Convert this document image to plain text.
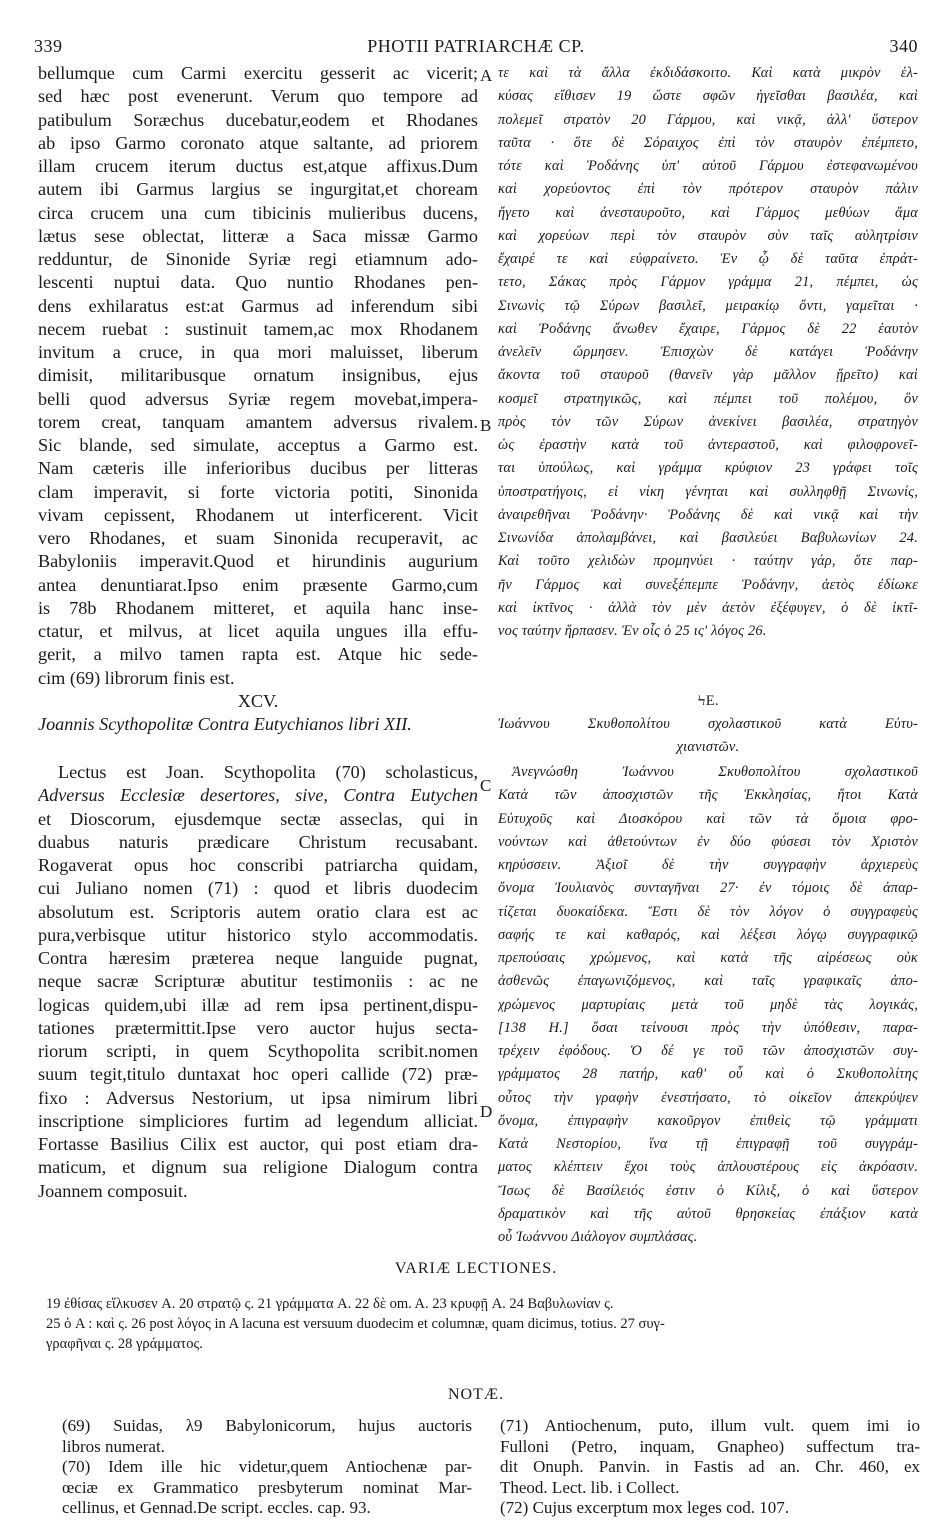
339	PHOTII PATRIARCHÆ CP.	340
A
B
C
D
bellumque cum Carmi exercitu gesserit ac vicerit;
sed hæc post evenerunt. Verum quo tempore ad
patibulum Soræchus ducebatur,eodem et Rhodanes
ab ipso Garmo coronato atque saltante, ad priorem
illam crucem iterum ductus est,atque affixus.Dum
autem ibi Garmus largius se ingurgitat,et choream
circa crucem una cum tibicinis mulieribus ducens,
lætus sese oblectat, litteræ a Saca missæ Garmo
redduntur, de Sinonide Syriæ regi etiamnum ado-
lescenti nuptui data. Quo nuntio Rhodanes pen-
dens exhilaratus est:at Garmus ad inferendum sibi
necem ruebat : sustinuit tamem,ac mox Rhodanem
invitum a cruce, in qua mori maluisset, liberum
dimisit, militaribusque ornatum insignibus, ejus
belli quod adversus Syriæ regem movebat,impera-
torem creat, tanquam amantem adversus rivalem.
Sic blande, sed simulate, acceptus a Garmo est.
Nam cæteris ille inferioribus ducibus per litteras
clam imperavit, si forte victoria potiti, Sinonida
vivam cepissent, Rhodanem ut interficerent. Vicit
vero Rhodanes, et suam Sinonida recuperavit, ac
Babyloniis imperavit.Quod et hirundinis augurium
antea denuntiarat.Ipso enim præsente Garmo,cum
is 78b Rhodanem mitteret, et aquila hanc inse-
ctatur, et milvus, at licet aquila ungues illa effu-
gerit, a milvo tamen rapta est. Atque hic sede-
cim (69) librorum finis est.
XCV.
Joannis Scythopolitæ Contra Eutychianos libri XII.
Lectus est Joan. Scythopolita (70) scholasticus,
Adversus Ecclesiæ desertores, sive, Contra Eutychen
et Dioscorum, ejusdemque sectæ asseclas, qui in
duabus naturis prædicare Christum recusabant.
Rogaverat opus hoc conscribi patriarcha quidam,
cui Juliano nomen (71) : quod et libris duodecim
absolutum est. Scriptoris autem oratio clara est ac
pura,verbisque utitur historico stylo accommodatis.
Contra hæresim præterea neque languide pugnat,
neque sacræ Scripturæ abutitur testimoniis : ac ne
logicas quidem,ubi illæ ad rem ipsa pertinent,dispu-
tationes prætermittit.Ipse vero auctor hujus secta-
riorum scripti, in quem Scythopolita scribit.nomen
suum tegit,titulo duntaxat hoc operi callide (72) præ-
fixo : Adversus Nestorium, ut ipsa nimirum libri
inscriptione simpliciores furtim ad legendum alliciat.
Fortasse Basilius Cilix est auctor, qui post etiam dra-
maticum, et dignum sua religione Dialogum contra
Joannem composuit.
τε καὶ τὰ ἄλλα ἐκδιδάσκοιτο. Καὶ κατὰ μικρὸν ἑλ-
κύσας εἴθισεν 19 ὥστε σφῶν ἡγεῖσθαι βασιλέα, καὶ
πολεμεῖ στρατὸν 20 Γάρμου, καὶ νικᾷ, ἀλλ' ὕστερον
ταῦτα · ὅτε δὲ Σόραιχος ἐπὶ τὸν σταυρὸν ἐπέμπετο,
τότε καὶ Ῥοδάνης ὑπ' αὐτοῦ Γάρμου ἐστεφανωμένου
καὶ χορεύοντος ἐπὶ τὸν πρότερον σταυρὸν πάλιν
ἤγετο καὶ ἀνεσταυροῦτο, καὶ Γάρμος μεθύων ἅμα
καὶ χορεύων περὶ τὸν σταυρὸν σὺν ταῖς αὐλητρίσιν
ἔχαιρέ τε καὶ εὐφραίνετο. Ἐν ᾧ δὲ ταῦτα ἐπράτ-
τετο, Σάκας πρὸς Γάρμον γράμμα 21, πέμπει, ὡς
Σινωνὶς τῷ Σύρων βασιλεῖ, μειρακίῳ ὄντι, γαμεῖται ·
καὶ Ῥοδάνης ἄνωθεν ἔχαιρε, Γάρμος δὲ 22 ἑαυτὸν
ἀνελεῖν ὥρμησεν. Ἐπισχὼν δὲ κατάγει Ῥοδάνην
ἄκοντα τοῦ σταυροῦ (θανεῖν γὰρ μᾶλλον ᾕρεῖτο) καὶ
κοσμεῖ στρατηγικῶς, καὶ πέμπει τοῦ πολέμου, ὃν
πρὸς τὸν τῶν Σύρων ἀνεκίνει βασιλέα, στρατηγὸν
ὡς ἐραστὴν κατὰ τοῦ ἀντεραστοῦ, καὶ φιλοφρονεῖ-
ται ὑπούλως, καὶ γράμμα κρύφιον 23 γράφει τοῖς
ὑποστρατήγοις, εἰ νίκη γένηται καὶ συλληφθῇ Σινωνίς,
ἀναιρεθῆναι Ῥοδάνην· Ῥοδάνης δὲ καὶ νικᾷ καὶ τὴν
Σινωνίδα ἀπολαμβάνει, καὶ βασιλεύει Βαβυλωνίων 24.
Καὶ τοῦτο χελιδὼν προμηνύει · ταύτην γάρ, ὅτε παρ-
ῆν Γάρμος καὶ συνεξέπεμπε Ῥοδάνην, ἀετὸς ἐδίωκε
καὶ ἰκτῖνος · ἀλλὰ τὸν μὲν ἀετὸν ἐξέφυγεν, ὁ δὲ ἰκτῖ-
νος ταύτην ἥρπασεν. Ἐν οἷς ὁ 25 ις' λόγος 26.
ϞΕ.
Ἰωάννου Σκυθοπολίτου σχολαστικοῦ κατὰ Εὐτυ-
χιανιστῶν.
Ἀνεγνώσθη Ἰωάννου Σκυθοπολίτου σχολαστικοῦ
Κατὰ τῶν ἀποσχιστῶν τῆς Ἐκκλησίας, ἤτοι Κατὰ
Εὐτυχοῦς καὶ Διοσκόρου καὶ τῶν τὰ ὅμοια φρο-
νούντων καὶ ἀθετούντων ἐν δύο φύσεσι τὸν Χριστὸν
κηρύσσειν. Ἀξιοῖ δὲ τὴν συγγραφὴν ἀρχιερεὺς
ὄνομα Ἰουλιανὸς συνταγῆναι 27· ἐν τόμοις δὲ ἀπαρ-
τίζεται δυοκαίδεκα. Ἔστι δὲ τὸν λόγον ὁ συγγραφεὺς
σαφής τε καὶ καθαρός, καὶ λέξεσι λόγῳ συγγραφικῷ
πρεπούσαις χρώμενος, καὶ κατὰ τῆς αἱρέσεως οὐκ
ἀσθενῶς ἐπαγωνιζόμενος, καὶ ταῖς γραφικαῖς ἀπο-
χρώμενος μαρτυρίαις μετὰ τοῦ μηδὲ τὰς λογικάς,
[138 H.] ὅσαι τείνουσι πρὸς τὴν ὑπόθεσιν, παρα-
τρέχειν ἐφόδους. Ὁ δέ γε τοῦ τῶν ἀποσχιστῶν συγ-
γράμματος 28 πατήρ, καθ' οὗ καὶ ὁ Σκυθοπολίτης
οὗτος τὴν γραφὴν ἐνεστήσατο, τὸ οἰκεῖον ἀπεκρύψεν
ὄνομα, ἐπιγραφὴν κακοῦργον ἐπιθεὶς τῷ γράμματι
Κατὰ Νεστορίου, ἵνα τῇ ἐπιγραφῇ τοῦ συγγράμ-
ματος κλέπτειν ἔχοι τοὺς ἁπλουστέρους εἰς ἀκρόασιν.
Ἴσως δὲ Βασίλειός ἐστιν ὁ Κίλιξ, ὁ καὶ ὕστερον
δραματικὸν καὶ τῆς αὐτοῦ θρησκείας ἐπάξιον κατὰ
οὗ Ἰωάννου Διάλογον συμπλάσας.
VARIÆ LECTIONES.
19 ἐθίσας εἵλκυσεν A. 20 στρατῷ ς. 21 γράμματα A. 22 δὲ om. A. 23 κρυφῇ A. 24 Βαβυλωνίαν ς.
25 ὁ A : καὶ ς. 26 post λόγος in A lacuna est versuum duodecim et columnæ, quam dicimus, totius. 27 συγ-
γραφῆναι ς. 28 γράμματος.
NOTÆ.
(69) Suidas, λ9 Babylonicorum, hujus auctoris
libros numerat.
(70) Idem ille hic videtur,quem Antiochenæ par-
œciæ ex Grammatico presbyterum nominat Mar-
cellinus, et Gennad.De script. eccles. cap. 93.
(71) Antiochenum, puto, illum vult. quem imi io
Fulloni (Petro, inquam, Gnapheo) suffectum tra-
dit Onuph. Panvin. in Fastis ad an. Chr. 460, ex
Theod. Lect. lib. i Collect.
(72) Cujus excerptum mox leges cod. 107.
